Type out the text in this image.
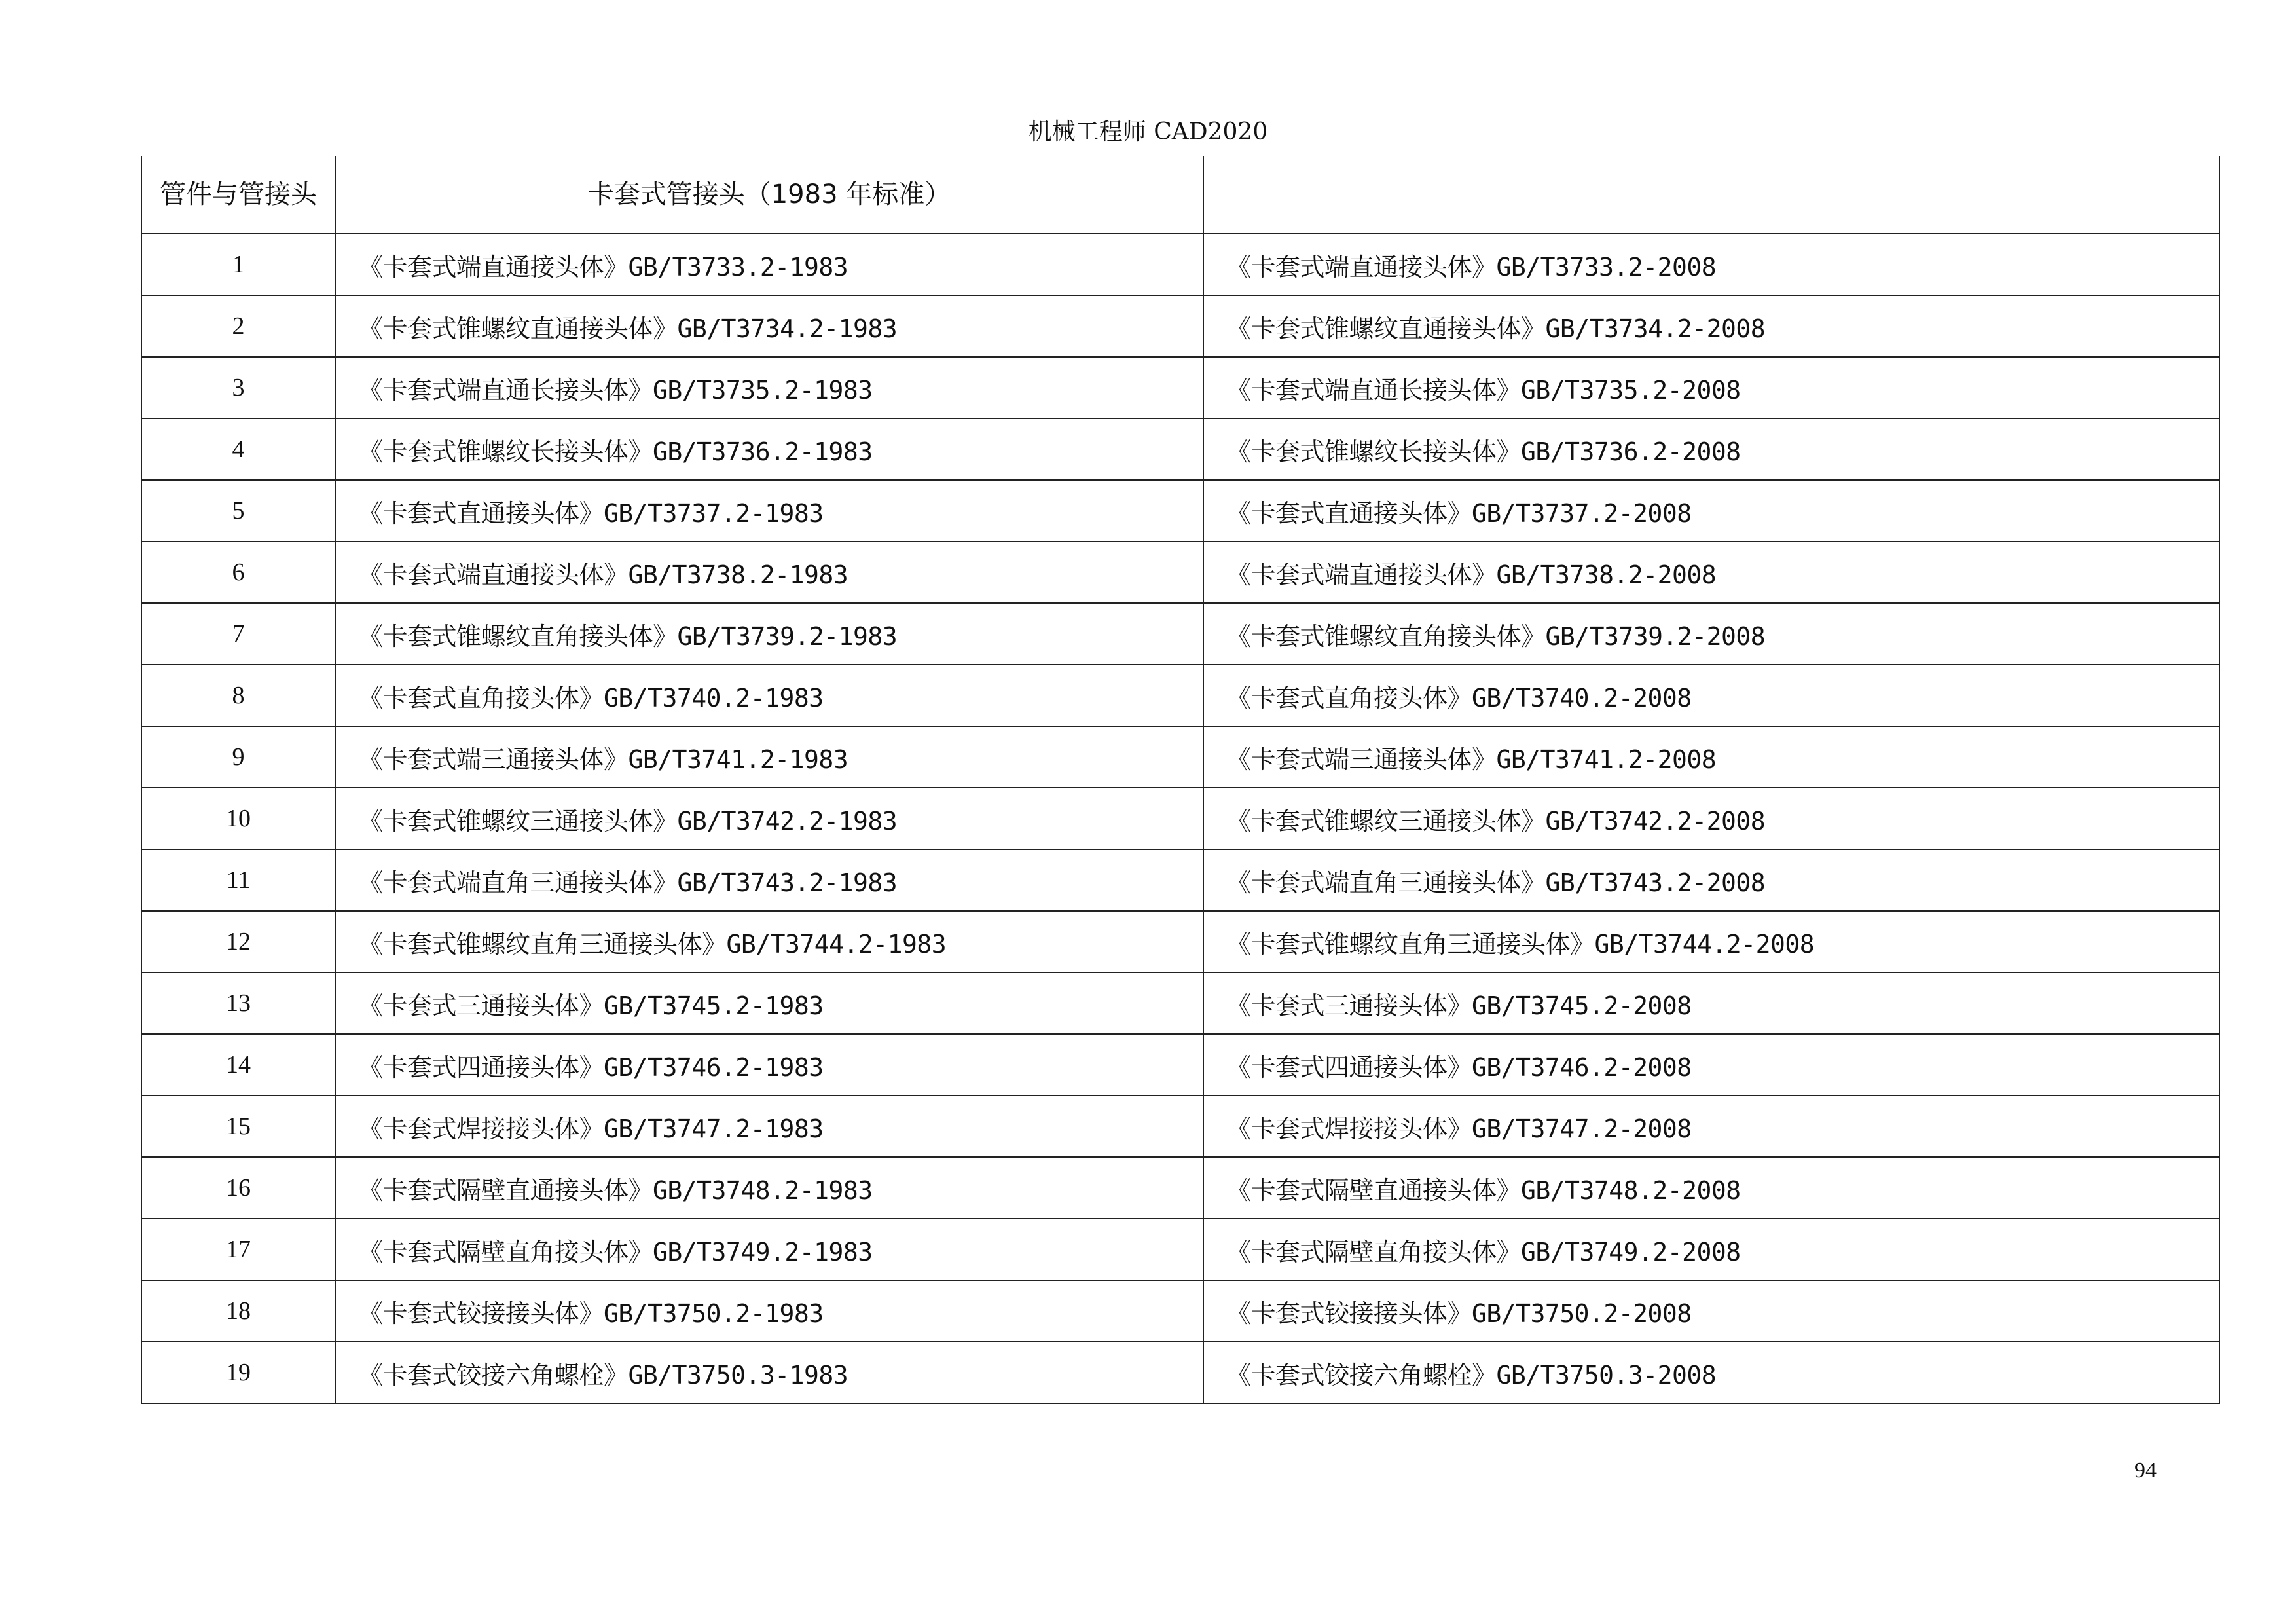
机械工程师 CAD2020
管件与管接头	卡套式管接头（1983 年标准）	
1	《卡套式端直通接头体》GB/T3733.2-1983	《卡套式端直通接头体》GB/T3733.2-2008
2	《卡套式锥螺纹直通接头体》GB/T3734.2-1983	《卡套式锥螺纹直通接头体》GB/T3734.2-2008
3	《卡套式端直通长接头体》GB/T3735.2-1983	《卡套式端直通长接头体》GB/T3735.2-2008
4	《卡套式锥螺纹长接头体》GB/T3736.2-1983	《卡套式锥螺纹长接头体》GB/T3736.2-2008
5	《卡套式直通接头体》GB/T3737.2-1983	《卡套式直通接头体》GB/T3737.2-2008
6	《卡套式端直通接头体》GB/T3738.2-1983	《卡套式端直通接头体》GB/T3738.2-2008
7	《卡套式锥螺纹直角接头体》GB/T3739.2-1983	《卡套式锥螺纹直角接头体》GB/T3739.2-2008
8	《卡套式直角接头体》GB/T3740.2-1983	《卡套式直角接头体》GB/T3740.2-2008
9	《卡套式端三通接头体》GB/T3741.2-1983	《卡套式端三通接头体》GB/T3741.2-2008
10	《卡套式锥螺纹三通接头体》GB/T3742.2-1983	《卡套式锥螺纹三通接头体》GB/T3742.2-2008
11	《卡套式端直角三通接头体》GB/T3743.2-1983	《卡套式端直角三通接头体》GB/T3743.2-2008
12	《卡套式锥螺纹直角三通接头体》GB/T3744.2-1983	《卡套式锥螺纹直角三通接头体》GB/T3744.2-2008
13	《卡套式三通接头体》GB/T3745.2-1983	《卡套式三通接头体》GB/T3745.2-2008
14	《卡套式四通接头体》GB/T3746.2-1983	《卡套式四通接头体》GB/T3746.2-2008
15	《卡套式焊接接头体》GB/T3747.2-1983	《卡套式焊接接头体》GB/T3747.2-2008
16	《卡套式隔壁直通接头体》GB/T3748.2-1983	《卡套式隔壁直通接头体》GB/T3748.2-2008
17	《卡套式隔壁直角接头体》GB/T3749.2-1983	《卡套式隔壁直角接头体》GB/T3749.2-2008
18	《卡套式铰接接头体》GB/T3750.2-1983	《卡套式铰接接头体》GB/T3750.2-2008
19	《卡套式铰接六角螺栓》GB/T3750.3-1983	《卡套式铰接六角螺栓》GB/T3750.3-2008
94
